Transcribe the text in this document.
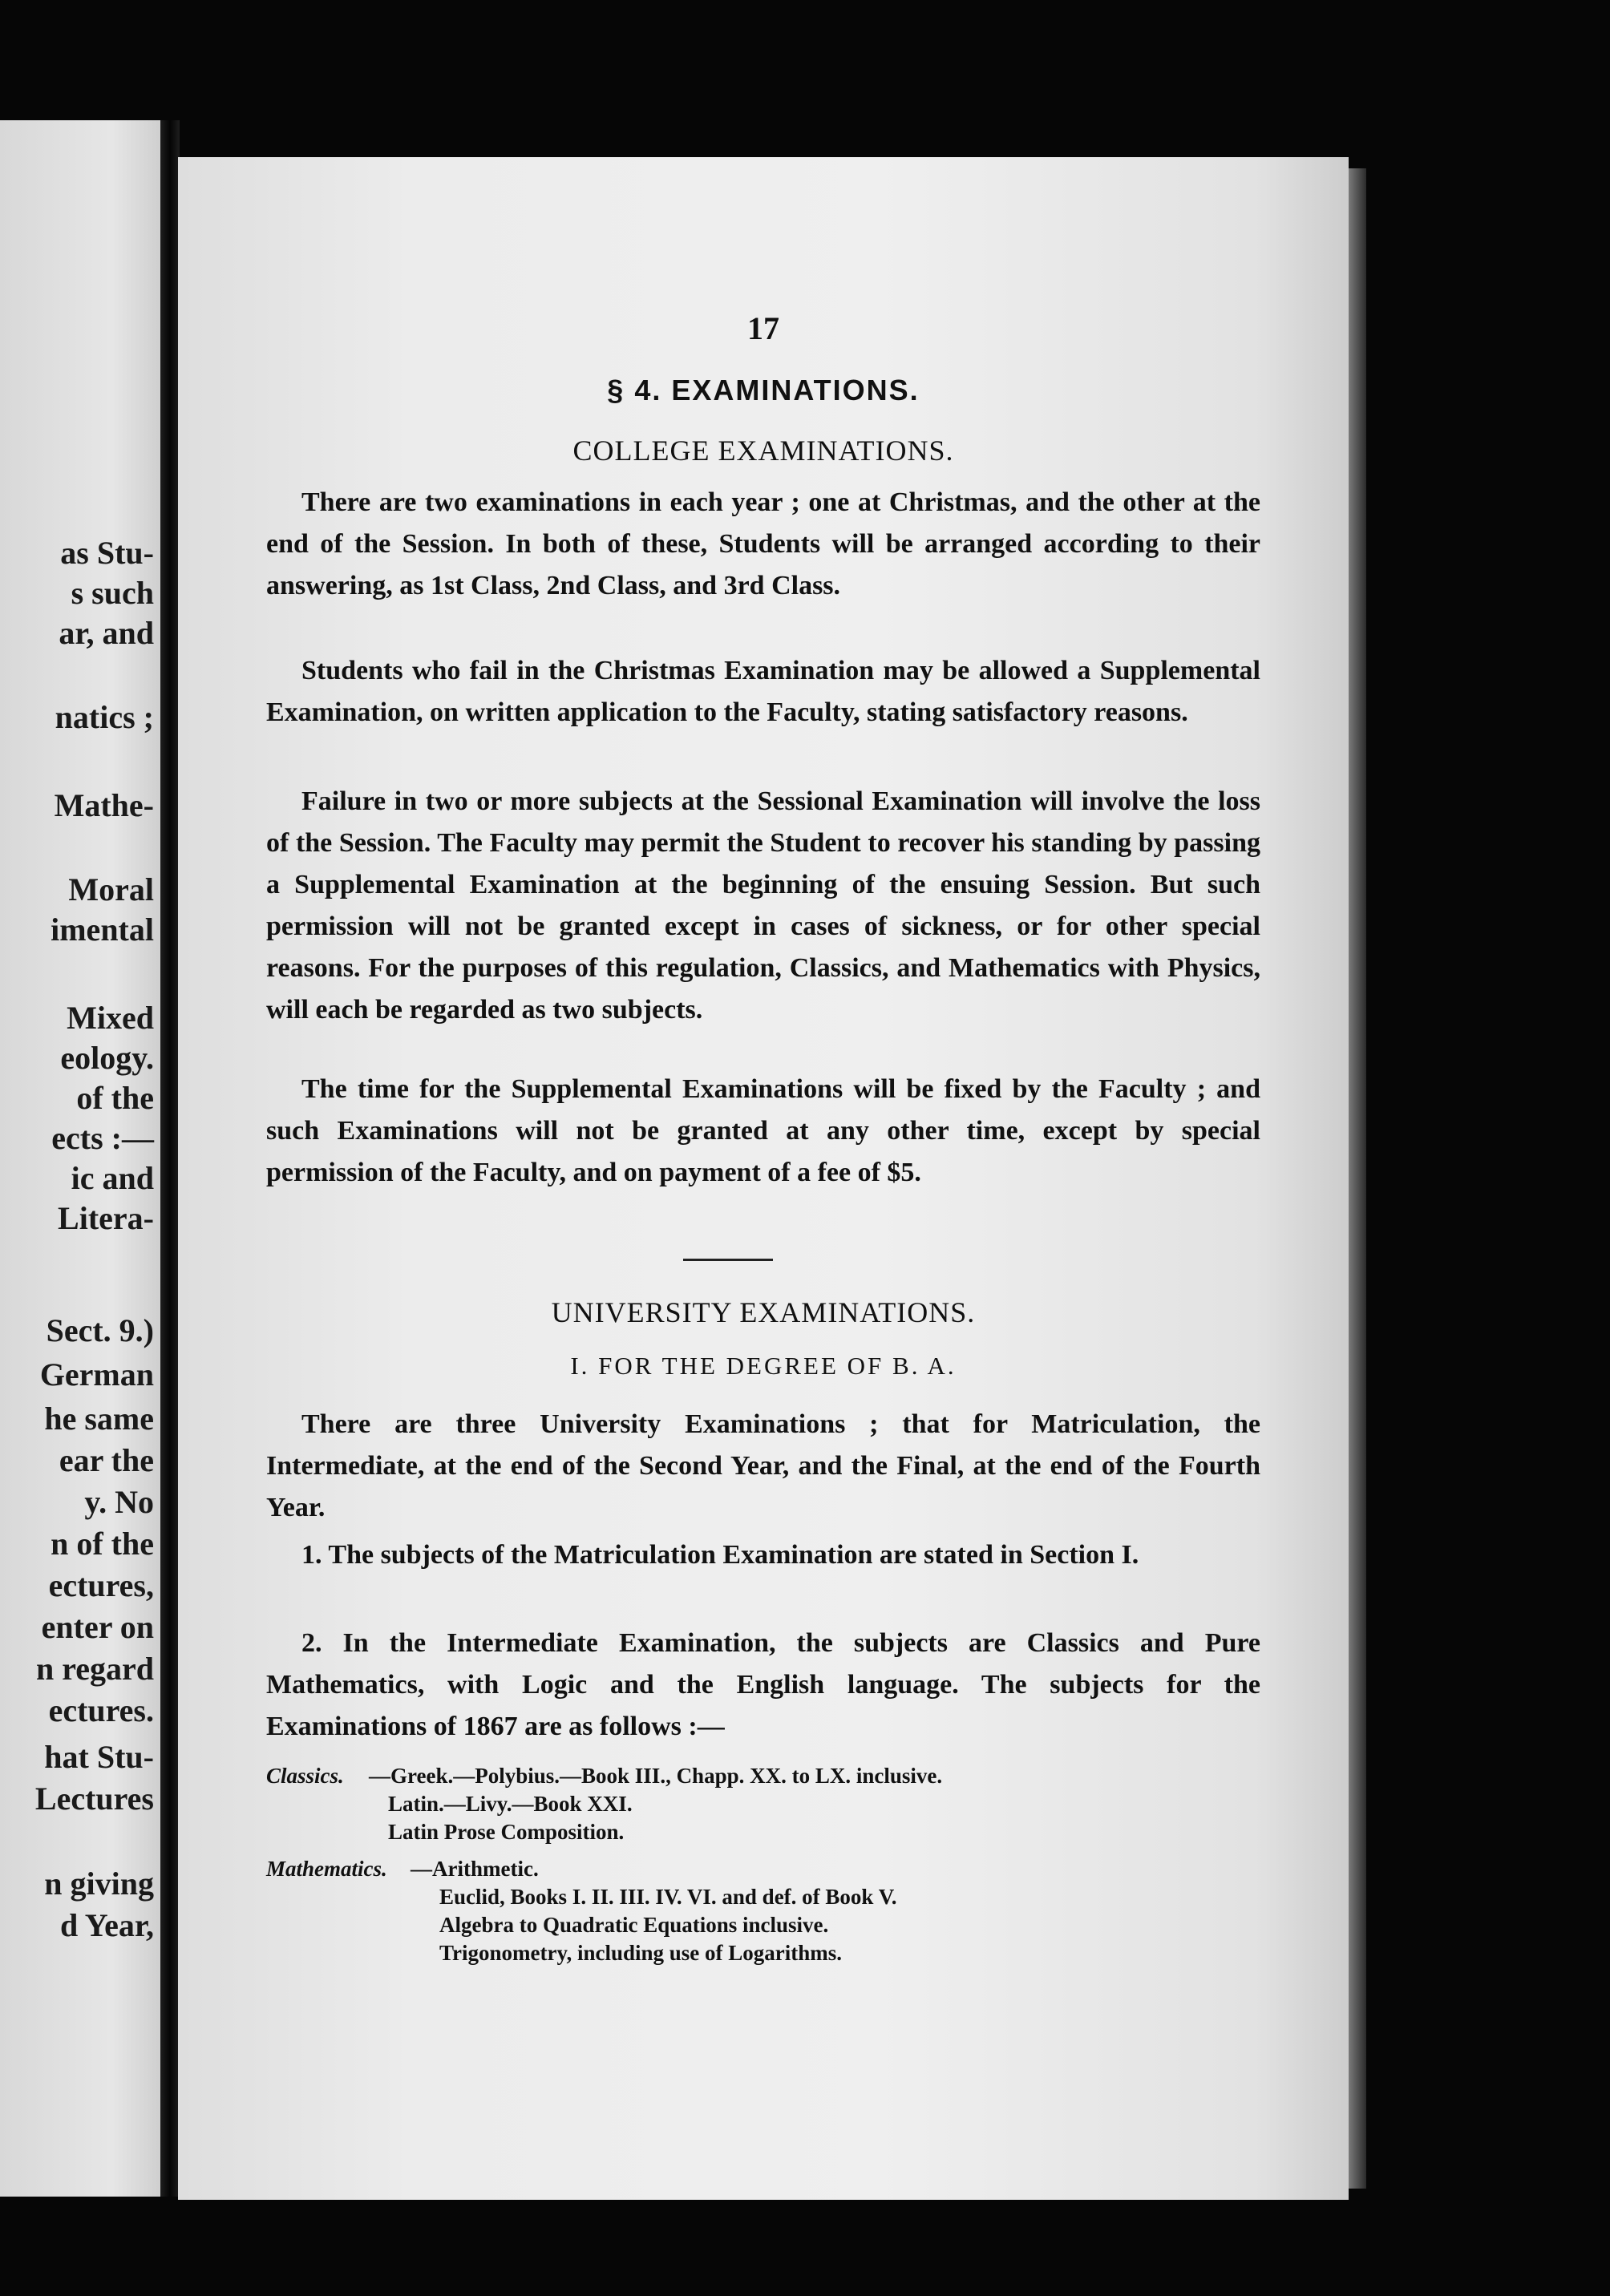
as Stu-
s such
ar, and
natics ;
Mathe-
Moral
imental
Mixed
eology.
of the
ects :—
ic and
Litera-
Sect. 9.)
German
he same
ear the
y. No
n of the
ectures,
enter on
n regard
ectures.
hat Stu-
Lectures
n giving
d Year,
17
§ 4. EXAMINATIONS.
COLLEGE EXAMINATIONS.

There are two examinations in each year ; one at Christmas, and the other at the end of the Session. In both of these, Students will be arranged according to their answering, as 1st Class, 2nd Class, and 3rd Class.

Students who fail in the Christmas Examination may be allowed a Supplemental Examination, on written application to the Faculty, stating satisfactory reasons.

Failure in two or more subjects at the Sessional Examination will involve the loss of the Session. The Faculty may permit the Student to recover his standing by passing a Supplemental Examination at the beginning of the ensuing Session. But such permission will not be granted except in cases of sickness, or for other special reasons. For the purposes of this regulation, Classics, and Mathematics with Physics, will each be regarded as two subjects.

The time for the Supplemental Examinations will be fixed by the Faculty ; and such Examinations will not be granted at any other time, except by special permission of the Faculty, and on payment of a fee of $5.

UNIVERSITY EXAMINATIONS.
I. FOR THE DEGREE OF B. A.

There are three University Examinations ; that for Matriculation, the Intermediate, at the end of the Second Year, and the Final, at the end of the Fourth Year.

1. The subjects of the Matriculation Examination are stated in Section I.

2. In the Intermediate Examination, the subjects are Classics and Pure Mathematics, with Logic and the English language. The subjects for the Examinations of 1867 are as follows :—

Classics. —Greek.—Polybius.—Book III., Chapp. XX. to LX. inclusive.
Latin.—Livy.—Book XXI.
Latin Prose Composition.
Mathematics. —Arithmetic.
Euclid, Books I. II. III. IV. VI. and def. of Book V.
Algebra to Quadratic Equations inclusive.
Trigonometry, including use of Logarithms.
